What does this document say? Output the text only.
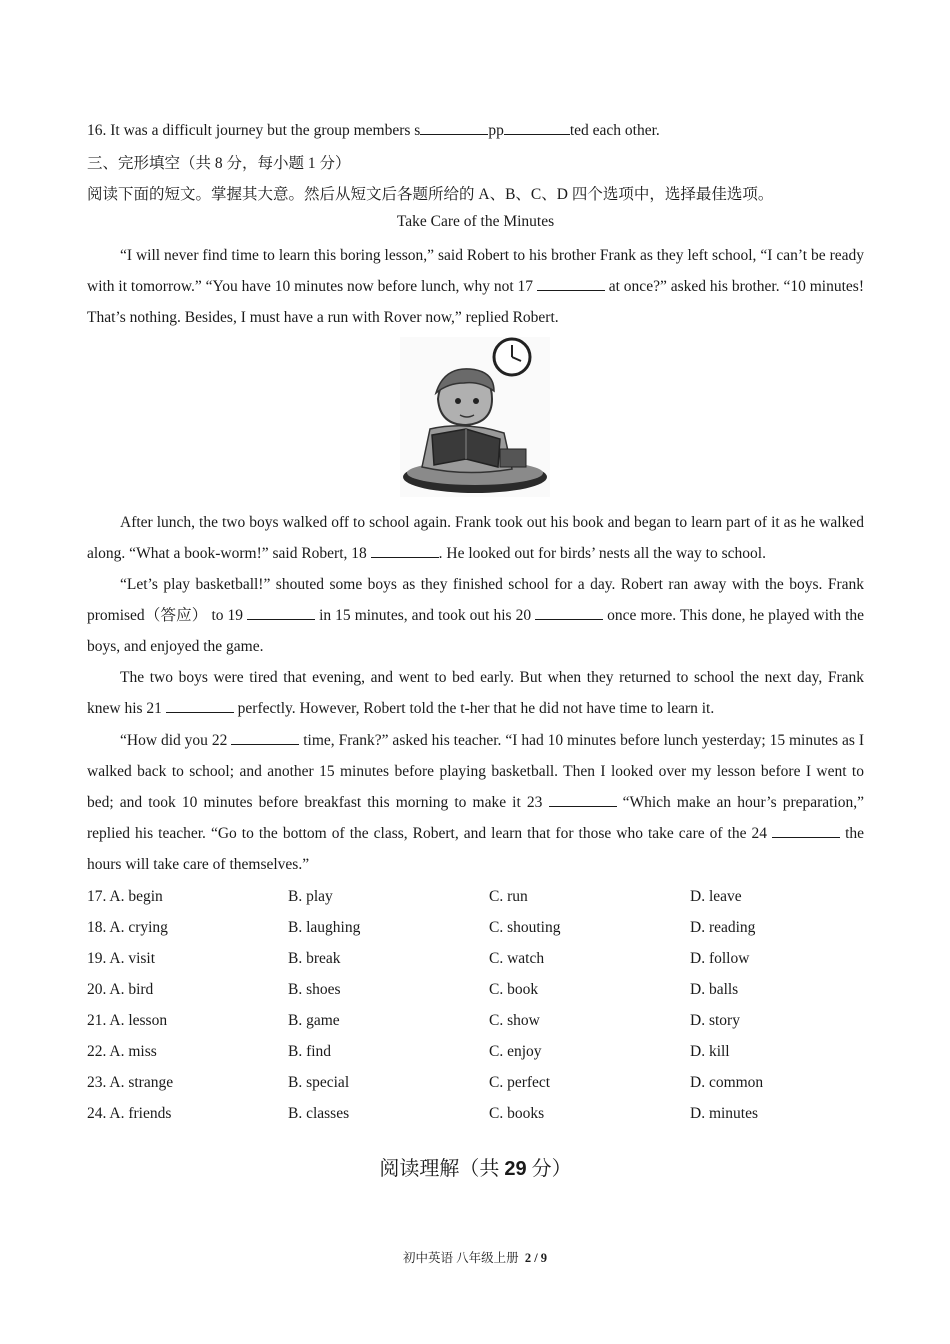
16. It was a difficult journey but the group members s	pp	ted each other.
三、完形填空（共 8 分，每小题 1 分）
阅读下面的短文。掌握其大意。然后从短文后各题所给的 A、B、C、D 四个选项中，选择最佳选项。
Take Care of the Minutes

“I will never find time to learn this boring lesson,” said Robert to his brother Frank as they left school, “I can’t be ready with it tomorrow.” “You have 10 minutes now before lunch, why not 17	at once?” asked his brother. “10 minutes! That’s nothing. Besides, I must have a run with Rover now,” replied Robert.

After lunch, the two boys walked off to school again. Frank took out his book and began to learn part of it as he walked along. “What a book-worm!” said Robert, 18	. He looked out for birds’ nests all the way to school.

“Let’s play basketball!” shouted some boys as they finished school for a day. Robert ran away with the boys. Frank promised（答应） to 19	in 15 minutes, and took out his 20	once more. This done, he played with the boys, and enjoyed the game.

The two boys were tired that evening, and went to bed early. But when they returned to school the next day, Frank knew his 21	perfectly. However, Robert told the t-her that he did not have time to learn it.

“How did you 22	time, Frank?” asked his teacher. “I had 10 minutes before lunch yesterday; 15 minutes as I walked back to school; and another 15 minutes before playing basketball. Then I looked over my lesson before I went to bed; and took 10 minutes before breakfast this morning to make it 23	“Which make an hour’s preparation,” replied his teacher. “Go to the bottom of the class, Robert, and learn that for those who take care of the 24	the hours will take care of themselves.”

17. A. begin	B. play	C. run	D. leave
18. A. crying	B. laughing	C. shouting	D. reading
19. A. visit	B. break	C. watch	D. follow
20. A. bird	B. shoes	C. book	D. balls
21. A. lesson	B. game	C. show	D. story
22. A. miss	B. find	C. enjoy	D. kill
23. A. strange	B. special	C. perfect	D. common
24. A. friends	B. classes	C. books	D. minutes
阅读理解（共 29 分）
初中英语 八年级上册 2 / 9
